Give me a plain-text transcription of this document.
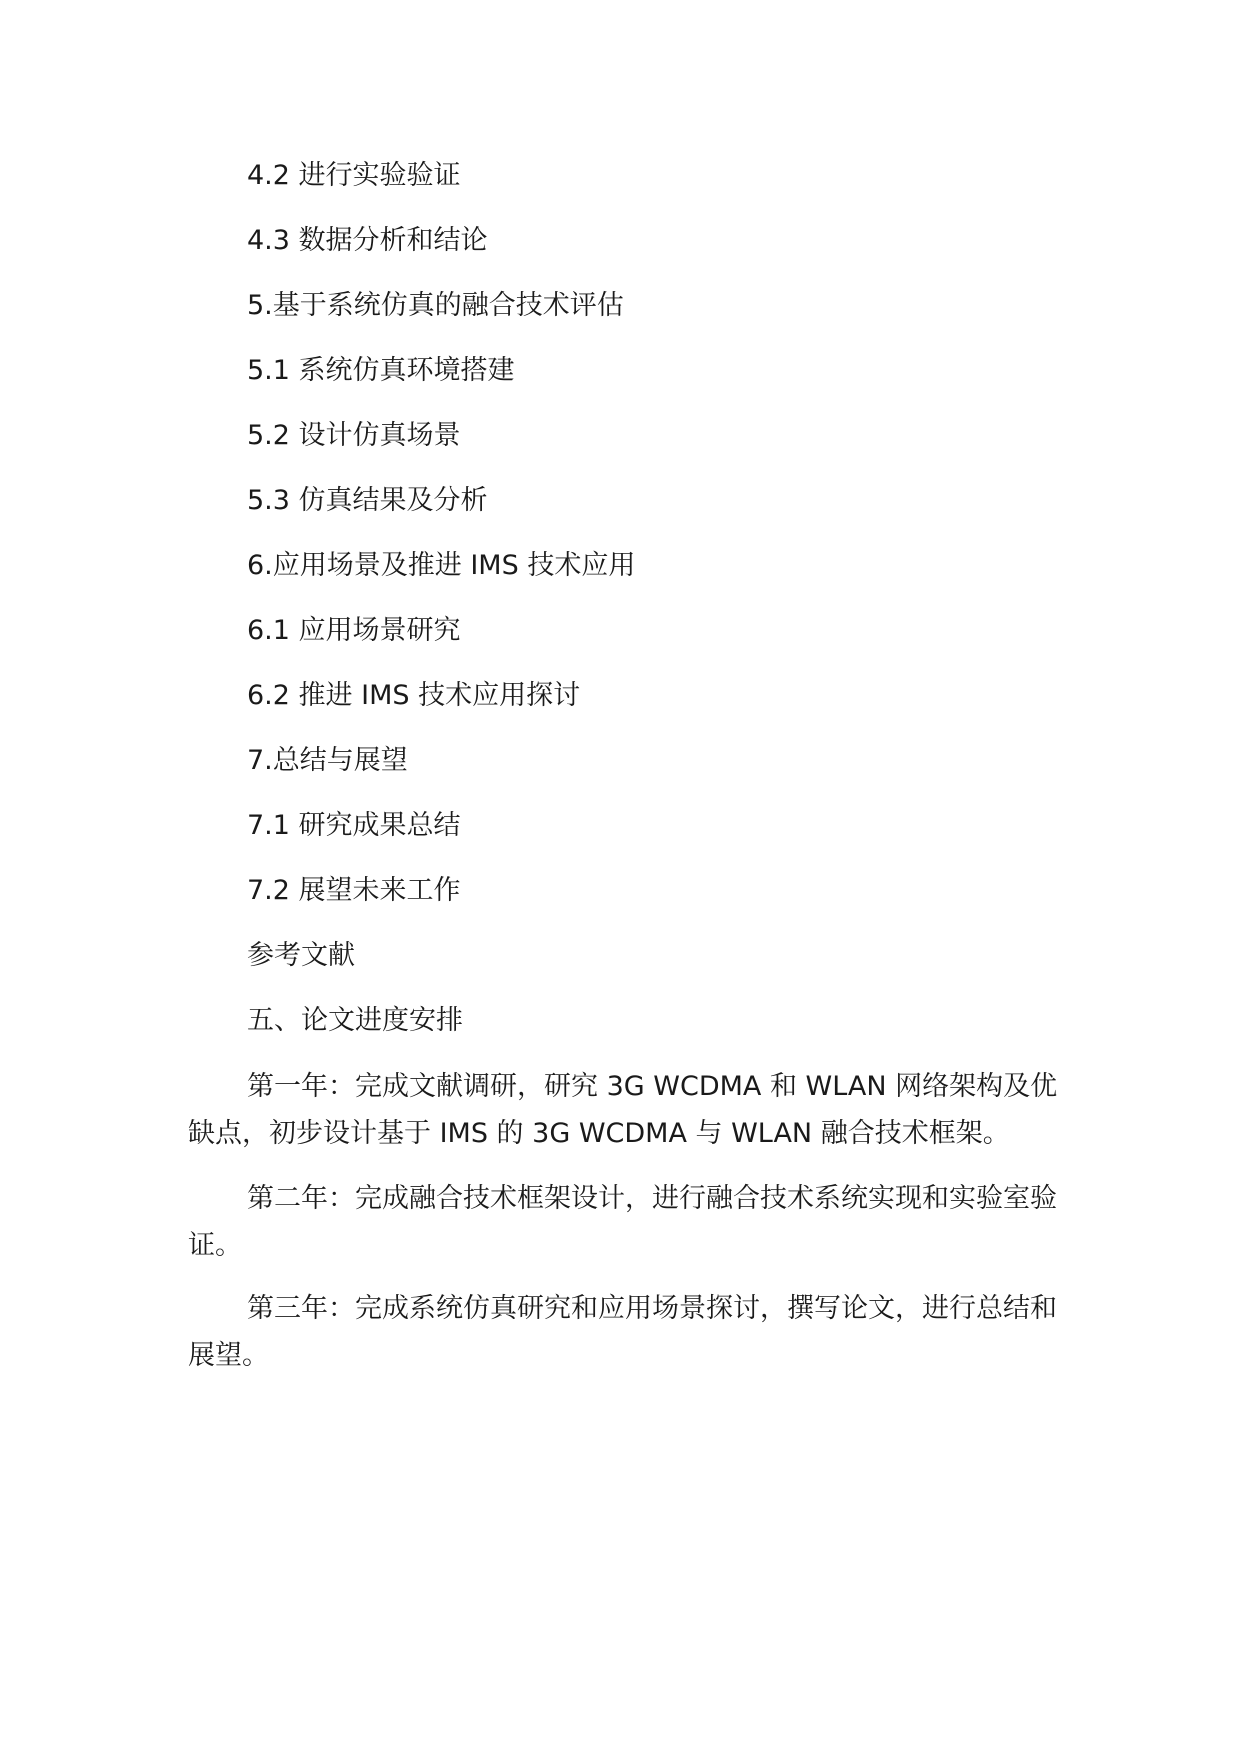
4.2 进行实验验证
4.3 数据分析和结论
5.基于系统仿真的融合技术评估
5.1 系统仿真环境搭建
5.2 设计仿真场景
5.3 仿真结果及分析
6.应用场景及推进 IMS 技术应用
6.1 应用场景研究
6.2 推进 IMS 技术应用探讨
7.总结与展望
7.1 研究成果总结
7.2 展望未来工作
参考文献
五、论文进度安排
第一年：完成文献调研，研究 3G WCDMA 和 WLAN 网络架构及优缺点，初步设计基于 IMS 的 3G WCDMA 与 WLAN 融合技术框架。
第二年：完成融合技术框架设计，进行融合技术系统实现和实验室验证。
第三年：完成系统仿真研究和应用场景探讨，撰写论文，进行总结和展望。
